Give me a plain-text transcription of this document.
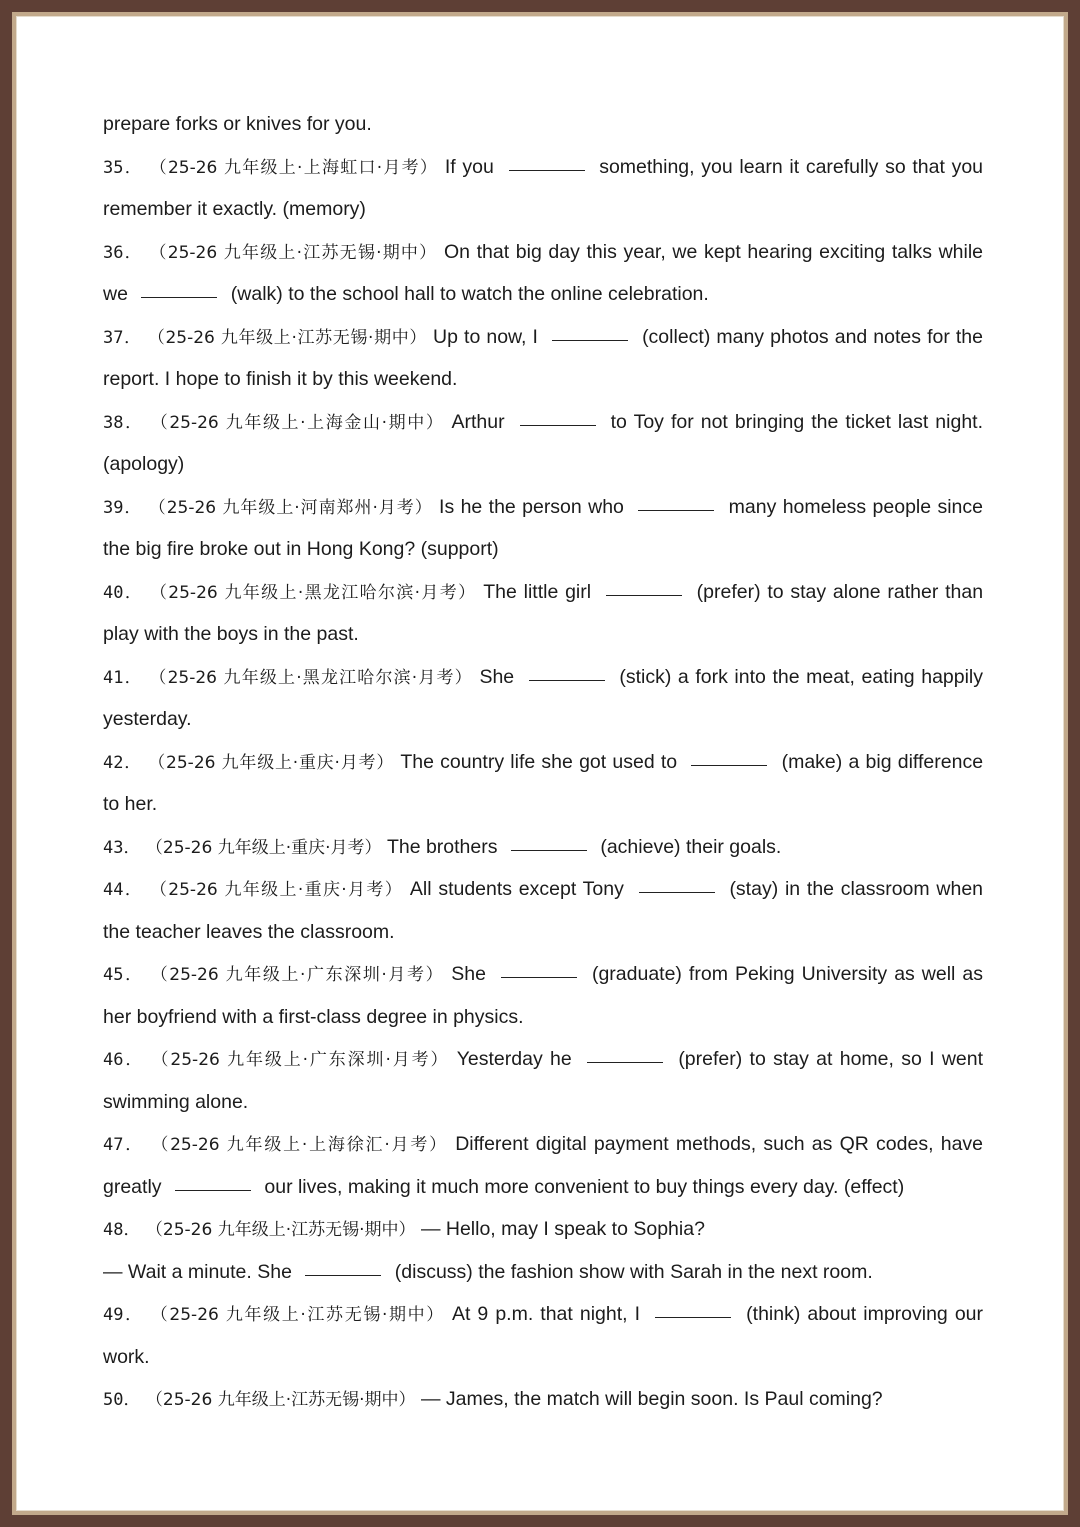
prepare forks or knives for you.
35． （25-26 九年级上·上海虹口·月考） If you	something, you learn it carefully so that you
remember it exactly. (memory)
36． （25-26 九年级上·江苏无锡·期中） On that big day this year, we kept hearing exciting talks while
we	(walk) to the school hall to watch the online celebration.
37． （25-26 九年级上·江苏无锡·期中） Up to now, I	(collect) many photos and notes for the
report. I hope to finish it by this weekend.
38． （25-26 九年级上·上海金山·期中） Arthur	to Toy for not bringing the ticket last night.
(apology)
39． （25-26 九年级上·河南郑州·月考） Is he the person who	many homeless people since
the big fire broke out in Hong Kong? (support)
40． （25-26 九年级上·黑龙江哈尔滨·月考） The little girl	(prefer) to stay alone rather than
play with the boys in the past.
41． （25-26 九年级上·黑龙江哈尔滨·月考） She	(stick) a fork into the meat, eating happily
yesterday.
42． （25-26 九年级上·重庆·月考） The country life she got used to	(make) a big difference
to her.
43． （25-26 九年级上·重庆·月考） The brothers	(achieve) their goals.
44． （25-26 九年级上·重庆·月考） All students except Tony	(stay) in the classroom when
the teacher leaves the classroom.
45． （25-26 九年级上·广东深圳·月考） She	(graduate) from Peking University as well as
her boyfriend with a first-class degree in physics.
46． （25-26 九年级上·广东深圳·月考） Yesterday he	(prefer) to stay at home, so I went
swimming alone.
47． （25-26 九年级上·上海徐汇·月考） Different digital payment methods, such as QR codes, have
greatly	our lives, making it much more convenient to buy things every day. (effect)
48． （25-26 九年级上·江苏无锡·期中） — Hello, may I speak to Sophia?
— Wait a minute. She	(discuss) the fashion show with Sarah in the next room.
49． （25-26 九年级上·江苏无锡·期中） At 9 p.m. that night, I	(think) about improving our
work.
50． （25-26 九年级上·江苏无锡·期中） — James, the match will begin soon. Is Paul coming?
